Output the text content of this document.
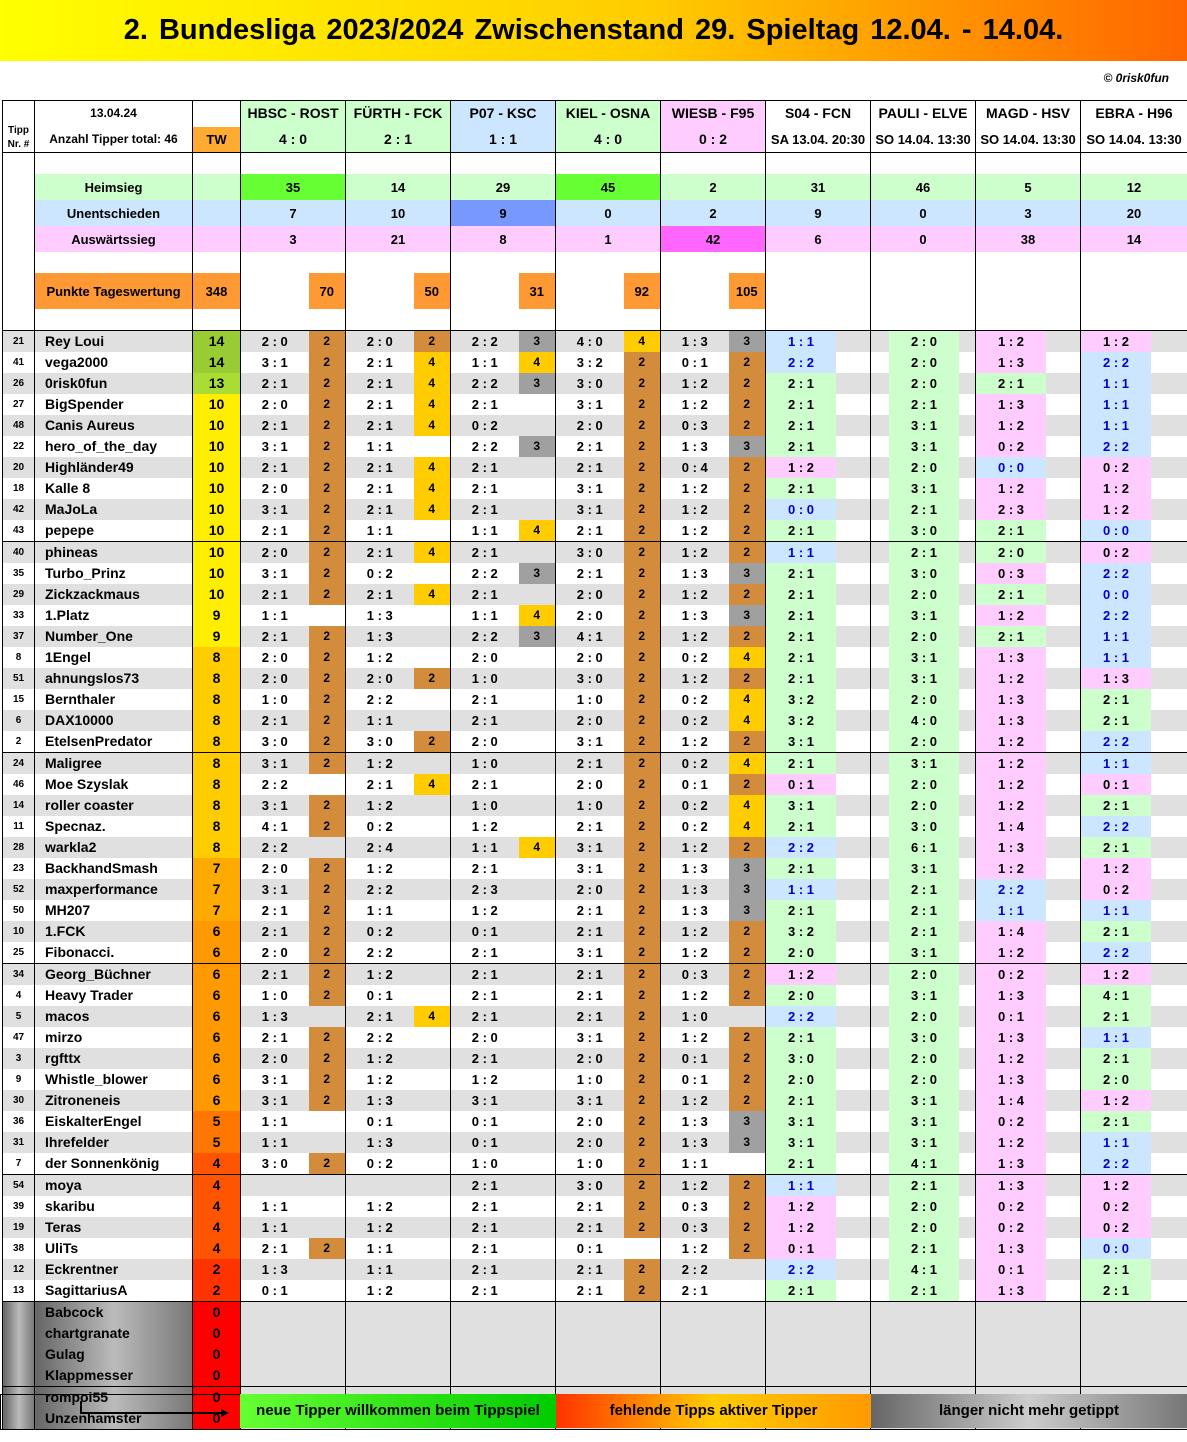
2. Bundesliga 2023/2024 Zwischenstand 29. Spieltag 12.04. - 14.04.
© 0risk0fun
Tipp
Nr. #	13.04.24		HBSC - ROST		FÜRTH - FCK		P07 - KSC		KIEL - OSNA		WIESB - F95		S04 - FCN	PAULI - ELVE	MAGD - HSV	EBRA - H96
	Anzahl Tipper total: 46	TW	4 : 0		2 : 1		1 : 1		4 : 0		0 : 2		SA 13.04. 20:30	SO 14.04. 13:30	SO 14.04. 13:30	SO 14.04. 13:30

	Heimsieg		35		14		29		45		2		31	46	5	12
	Unentschieden		7		10		9		0		2		9	0	3	20
	Auswärtssieg		3		21		8		1		42		6	0	38	14

	Punkte Tageswertung	348		70		50		31		92		105				

21	Rey Loui	14	2 : 0	2	2 : 0	2	2 : 2	3	4 : 0	4	1 : 3	3	1 : 1	2 : 0	1 : 2	1 : 2

41	vega2000	14	3 : 1	2	2 : 1	4	1 : 1	4	3 : 2	2	0 : 1	2	2 : 2	2 : 0	1 : 3	2 : 2

26	0risk0fun	13	2 : 1	2	2 : 1	4	2 : 2	3	3 : 0	2	1 : 2	2	2 : 1	2 : 0	2 : 1	1 : 1

27	BigSpender	10	2 : 0	2	2 : 1	4	2 : 1		3 : 1	2	1 : 2	2	2 : 1	2 : 1	1 : 3	1 : 1

48	Canis Aureus	10	2 : 1	2	2 : 1	4	0 : 2		2 : 0	2	0 : 3	2	2 : 1	3 : 1	1 : 2	1 : 1

22	hero_of_the_day	10	3 : 1	2	1 : 1		2 : 2	3	2 : 1	2	1 : 3	3	2 : 1	3 : 1	0 : 2	2 : 2

20	Highländer49	10	2 : 1	2	2 : 1	4	2 : 1		2 : 1	2	0 : 4	2	1 : 2	2 : 0	0 : 0	0 : 2

18	Kalle 8	10	2 : 0	2	2 : 1	4	2 : 1		3 : 1	2	1 : 2	2	2 : 1	3 : 1	1 : 2	1 : 2

42	MaJoLa	10	3 : 1	2	2 : 1	4	2 : 1		3 : 1	2	1 : 2	2	0 : 0	2 : 1	2 : 3	1 : 2

43	pepepe	10	2 : 1	2	1 : 1		1 : 1	4	2 : 1	2	1 : 2	2	2 : 1	3 : 0	2 : 1	0 : 0

40	phineas	10	2 : 0	2	2 : 1	4	2 : 1		3 : 0	2	1 : 2	2	1 : 1	2 : 1	2 : 0	0 : 2

35	Turbo_Prinz	10	3 : 1	2	0 : 2		2 : 2	3	2 : 1	2	1 : 3	3	2 : 1	3 : 0	0 : 3	2 : 2

29	Zickzackmaus	10	2 : 1	2	2 : 1	4	2 : 1		2 : 0	2	1 : 2	2	2 : 1	2 : 0	2 : 1	0 : 0

33	1.Platz	9	1 : 1		1 : 3		1 : 1	4	2 : 0	2	1 : 3	3	2 : 1	3 : 1	1 : 2	2 : 2

37	Number_One	9	2 : 1	2	1 : 3		2 : 2	3	4 : 1	2	1 : 2	2	2 : 1	2 : 0	2 : 1	1 : 1

8	1Engel	8	2 : 0	2	1 : 2		2 : 0		2 : 0	2	0 : 2	4	2 : 1	3 : 1	1 : 3	1 : 1

51	ahnungslos73	8	2 : 0	2	2 : 0	2	1 : 0		3 : 0	2	1 : 2	2	2 : 1	3 : 1	1 : 2	1 : 3

15	Bernthaler	8	1 : 0	2	2 : 2		2 : 1		1 : 0	2	0 : 2	4	3 : 2	2 : 0	1 : 3	2 : 1

6	DAX10000	8	2 : 1	2	1 : 1		2 : 1		2 : 0	2	0 : 2	4	3 : 2	4 : 0	1 : 3	2 : 1

2	EtelsenPredator	8	3 : 0	2	3 : 0	2	2 : 0		3 : 1	2	1 : 2	2	3 : 1	2 : 0	1 : 2	2 : 2

24	Maligree	8	3 : 1	2	1 : 2		1 : 0		2 : 1	2	0 : 2	4	2 : 1	3 : 1	1 : 2	1 : 1

46	Moe Szyslak	8	2 : 2		2 : 1	4	2 : 1		2 : 0	2	0 : 1	2	0 : 1	2 : 0	1 : 2	0 : 1

14	roller coaster	8	3 : 1	2	1 : 2		1 : 0		1 : 0	2	0 : 2	4	3 : 1	2 : 0	1 : 2	2 : 1

11	Specnaz.	8	4 : 1	2	0 : 2		1 : 2		2 : 1	2	0 : 2	4	2 : 1	3 : 0	1 : 4	2 : 2

28	warkla2	8	2 : 2		2 : 4		1 : 1	4	3 : 1	2	1 : 2	2	2 : 2	6 : 1	1 : 3	2 : 1

23	BackhandSmash	7	2 : 0	2	1 : 2		2 : 1		3 : 1	2	1 : 3	3	2 : 1	3 : 1	1 : 2	1 : 2

52	maxperformance	7	3 : 1	2	2 : 2		2 : 3		2 : 0	2	1 : 3	3	1 : 1	2 : 1	2 : 2	0 : 2

50	MH207	7	2 : 1	2	1 : 1		1 : 2		2 : 1	2	1 : 3	3	2 : 1	2 : 1	1 : 1	1 : 1

10	1.FCK	6	2 : 1	2	0 : 2		0 : 1		2 : 1	2	1 : 2	2	3 : 2	2 : 1	1 : 4	2 : 1

25	Fibonacci.	6	2 : 0	2	2 : 2		2 : 1		3 : 1	2	1 : 2	2	2 : 0	3 : 1	1 : 2	2 : 2

34	Georg_Büchner	6	2 : 1	2	1 : 2		2 : 1		2 : 1	2	0 : 3	2	1 : 2	2 : 0	0 : 2	1 : 2

4	Heavy Trader	6	1 : 0	2	0 : 1		2 : 1		2 : 1	2	1 : 2	2	2 : 0	3 : 1	1 : 3	4 : 1

5	macos	6	1 : 3		2 : 1	4	2 : 1		2 : 1	2	1 : 0		2 : 2	2 : 0	0 : 1	2 : 1

47	mirzo	6	2 : 1	2	2 : 2		2 : 0		3 : 1	2	1 : 2	2	2 : 1	3 : 0	1 : 3	1 : 1

3	rgfttx	6	2 : 0	2	1 : 2		2 : 1		2 : 0	2	0 : 1	2	3 : 0	2 : 0	1 : 2	2 : 1

9	Whistle_blower	6	3 : 1	2	1 : 2		1 : 2		1 : 0	2	0 : 1	2	2 : 0	2 : 0	1 : 3	2 : 0

30	Zitroneneis	6	3 : 1	2	1 : 3		3 : 1		3 : 1	2	1 : 2	2	2 : 1	3 : 1	1 : 4	1 : 2

36	EiskalterEngel	5	1 : 1		0 : 1		0 : 1		2 : 0	2	1 : 3	3	3 : 1	3 : 1	0 : 2	2 : 1

31	Ihrefelder	5	1 : 1		1 : 3		0 : 1		2 : 0	2	1 : 3	3	3 : 1	3 : 1	1 : 2	1 : 1

7	der Sonnenkönig	4	3 : 0	2	0 : 2		1 : 0		1 : 0	2	1 : 1		2 : 1	4 : 1	1 : 3	2 : 2

54	moya	4					2 : 1		3 : 0	2	1 : 2	2	1 : 1	2 : 1	1 : 3	1 : 2

39	skaribu	4	1 : 1		1 : 2		2 : 1		2 : 1	2	0 : 3	2	1 : 2	2 : 0	0 : 2	0 : 2

19	Teras	4	1 : 1		1 : 2		2 : 1		2 : 1	2	0 : 3	2	1 : 2	2 : 0	0 : 2	0 : 2

38	UliTs	4	2 : 1	2	1 : 1		2 : 1		0 : 1		1 : 2	2	0 : 1	2 : 1	1 : 3	0 : 0

12	Eckrentner	2	1 : 3		1 : 1		2 : 1		2 : 1	2	2 : 2		2 : 2	4 : 1	0 : 1	2 : 1

13	SagittariusA	2	0 : 1		1 : 2		2 : 1		2 : 1	2	2 : 1		2 : 1	2 : 1	1 : 3	2 : 1

	Babcock	0														
	chartgranate	0														
	Gulag	0														
	Klappmesser	0														
	rompoi55	0														
	Unzenhamster	0														
												neue Tipper willkommen beim Tippspiel	fehlende Tipps aktiver Tipper	länger nicht mehr getippt
